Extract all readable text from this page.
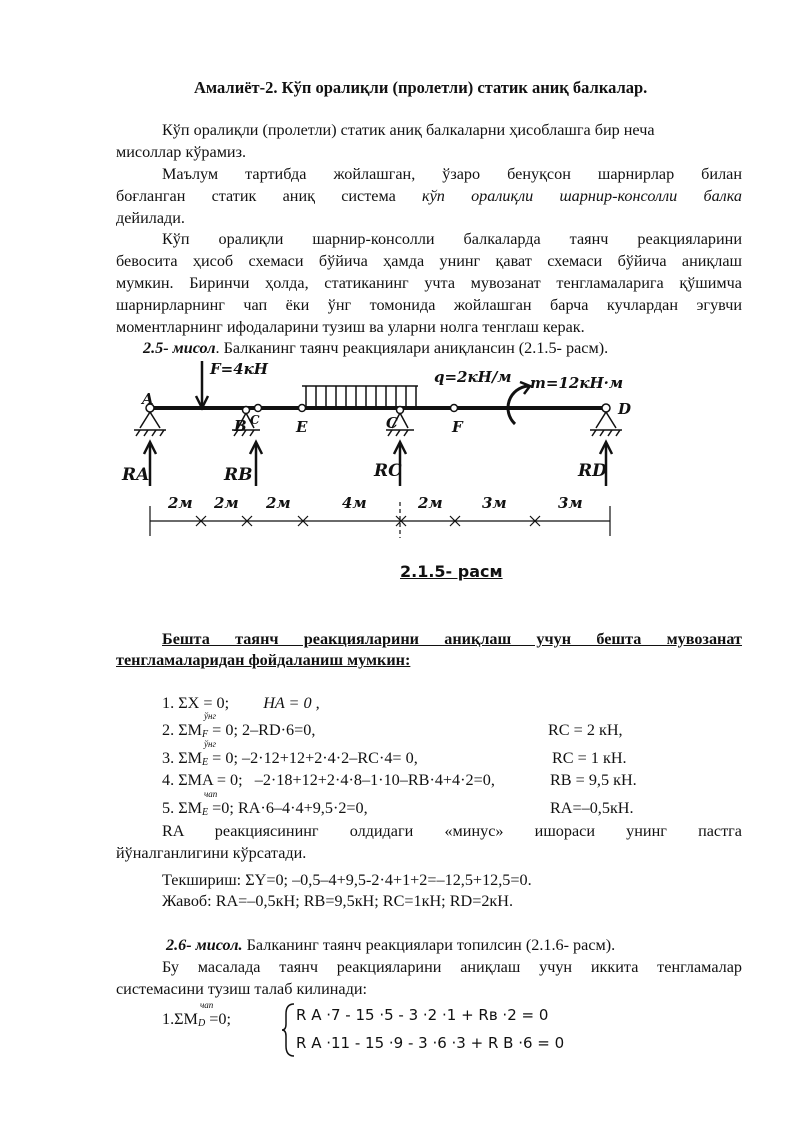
Амалиёт-2. Кўп оралиқли (пролетли) статик аниқ балкалар.
Кўп оралиқли (пролетли) статик аниқ балкаларни ҳисоблашга бир неча
мисоллар кўрамиз.
Маълум тартибда жойлашган, ўзаро бенуқсон шарнирлар билан
боғланган статик аниқ система кўп оралиқли шарнир-консолли балка
дейилади.
Кўп оралиқли шарнир-консолли балкаларда таянч реакцияларини
бевосита ҳисоб схемаси бўйича ҳамда унинг қават схемаси бўйича аниқлаш
мумкин. Биринчи ҳолда, статиканинг учта мувозанат тенгламаларига қўшимча
шарнирларнинг чап ёки ўнг томонида жойлашган барча кучлардан эгувчи
моментларнинг ифодаларини тузиш ва уларни нолга тенглаш керак.
2.5- мисол. Балканинг таянч реакциялари аниқлансин (2.1.5- расм).
F=4кН	q=2кН/м m=12кН·м
A
B C E	C	F
D
RA	RB	RC	RD
2м 2м 2м	4м	2м	3м	3м
2.1.5- расм
Бешта таянч реакцияларини аниқлаш учун бешта мувозанат
тенгламаларидан фойдаланиш мумкин:
1. ΣX = 0; HA = 0 ,
2. ΣM
ўнг
$_F$ = 0; 2–RD·6=0,	RC = 2 кН,
3. ΣM
ўнг
$_E$ = 0; –2·12+12+2·4·2–RC·4= 0,	RC = 1 кН.
4. ΣMA = 0; –2·18+12+2·4·8–1·10–RB·4+4·2=0,	RB = 9,5 кН.
5. ΣM
чап
$_E$ =0; RA·6–4·4+9,5·2=0,	RA=–0,5кН.
RA реакциясининг олдидаги «минус» ишораси унинг пастга
йўналганлигини кўрсатади.
Текшириш: ΣY=0; –0,5–4+9,5-2·4+1+2=–12,5+12,5=0.
Жавоб: RA=–0,5кН; RB=9,5кН; RC=1кН; RD=2кН.
2.6- мисол. Балканинг таянч реакциялари топилсин (2.1.6- расм).
Бу масалада таянч реакцияларини аниқлаш учун иккита тенгламалар
системасини тузиш талаб килинади:
1.ΣM
чап
$_D$ =0;	R A ·7 - 15 ·5 - 3 ·2 ·1 + Rв ·2 = 0
R A ·11 - 15 ·9 - 3 ·6 ·3 + R B ·6 = 0
